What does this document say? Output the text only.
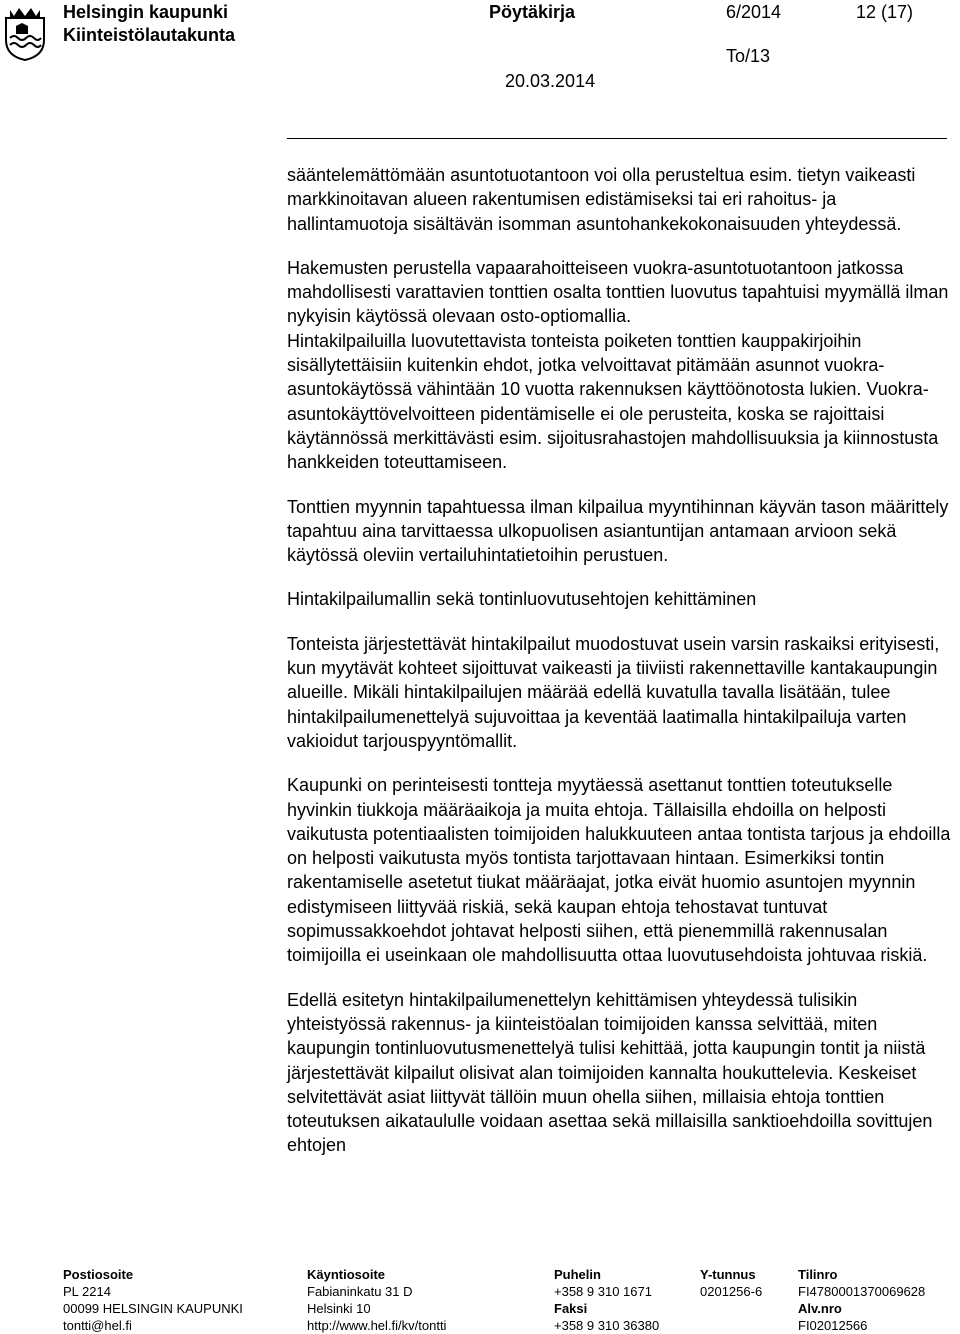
Helsingin kaupunki
Kiinteistölautakunta
Pöytäkirja	6/2014	12 (17)
To/13
20.03.2014

sääntelemättömään asuntotuotantoon voi olla perusteltua esim. tietyn vaikeasti markkinoitavan alueen rakentumisen edistämiseksi tai eri rahoitus- ja hallintamuotoja sisältävän isomman asuntohankekokonaisuuden yhteydessä.

Hakemusten perustella vapaarahoitteiseen vuokra-asuntotuotantoon jatkossa mahdollisesti varattavien tonttien osalta tonttien luovutus tapahtuisi myymällä ilman nykyisin käytössä olevaan osto-optiomallia.

Hintakilpailuilla luovutettavista tonteista poiketen tonttien kauppakirjoihin sisällytettäisiin kuitenkin ehdot, jotka velvoittavat pitämään asunnot vuokra-asuntokäytössä vähintään 10 vuotta rakennuksen käyttöönotosta lukien. Vuokra-asuntokäyttövelvoitteen pidentämiselle ei ole perusteita, koska se rajoittaisi käytännössä merkittävästi esim. sijoitusrahastojen mahdollisuuksia ja kiinnostusta hankkeiden toteuttamiseen.

Tonttien myynnin tapahtuessa ilman kilpailua myyntihinnan käyvän tason määrittely tapahtuu aina tarvittaessa ulkopuolisen asiantuntijan antamaan arvioon sekä käytössä oleviin vertailuhintatietoihin perustuen.

Hintakilpailumallin sekä tontinluovutusehtojen kehittäminen

Tonteista järjestettävät hintakilpailut muodostuvat usein varsin raskaiksi erityisesti, kun myytävät kohteet sijoittuvat vaikeasti ja tiiviisti rakennettaville kantakaupungin alueille. Mikäli hintakilpailujen määrää edellä kuvatulla tavalla lisätään, tulee hintakilpailumenettelyä sujuvoittaa ja keventää laatimalla hintakilpailuja varten vakioidut tarjouspyyntömallit.

Kaupunki on perinteisesti tontteja myytäessä asettanut tonttien toteutukselle hyvinkin tiukkoja määräaikoja ja muita ehtoja. Tällaisilla ehdoilla on helposti vaikutusta potentiaalisten toimijoiden halukkuuteen antaa tontista tarjous ja ehdoilla on helposti vaikutusta myös tontista tarjottavaan hintaan. Esimerkiksi tontin rakentamiselle asetetut tiukat määräajat, jotka eivät huomio asuntojen myynnin edistymiseen liittyvää riskiä, sekä kaupan ehtoja tehostavat tuntuvat sopimussakkoehdot johtavat helposti siihen, että pienemmillä rakennusalan toimijoilla ei useinkaan ole mahdollisuutta ottaa luovutusehdoista johtuvaa riskiä.

Edellä esitetyn hintakilpailumenettelyn kehittämisen yhteydessä tulisikin yhteistyössä rakennus- ja kiinteistöalan toimijoiden kanssa selvittää, miten kaupungin tontinluovutusmenettelyä tulisi kehittää, jotta kaupungin tontit ja niistä järjestettävät kilpailut olisivat alan toimijoiden kannalta houkuttelevia. Keskeiset selvitettävät asiat liittyvät tällöin muun ohella siihen, millaisia ehtoja tonttien toteutuksen aikataululle voidaan asettaa sekä millaisilla sanktioehdoilla sovittujen ehtojen

Postiosoite
PL 2214
00099 HELSINGIN KAUPUNKI
tontti@hel.fi
Käyntiosoite
Fabianinkatu 31 D
Helsinki 10
http://www.hel.fi/kv/tontti
Puhelin
+358 9 310 1671
Faksi
+358 9 310 36380
Y-tunnus
0201256-6
Tilinro
FI4780001370069628
Alv.nro
FI02012566
